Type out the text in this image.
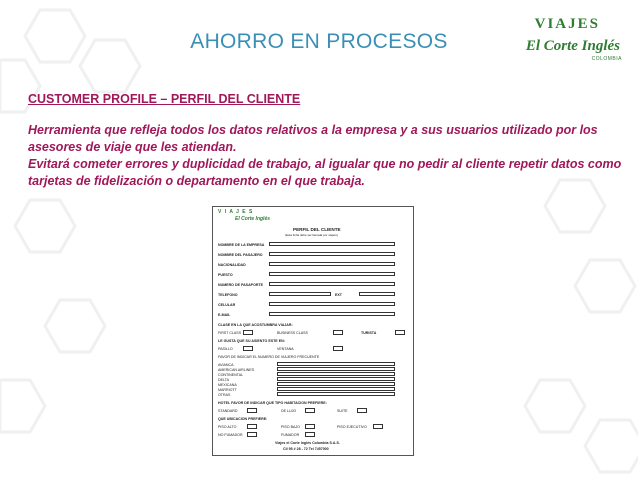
AHORRO EN PROCESOS
VIAJES
El Corte Inglés
COLOMBIA
CUSTOMER PROFILE – PERFIL DEL CLIENTE
Herramienta que refleja todos los datos relativos a la empresa y a sus usuarios utilizado por los asesores de viaje que les atiendan.
Evitará cometer errores y duplicidad de trabajo, al igualar que no pedir al cliente repetir datos como tarjetas de fidelización o departamento en el que trabaja.
V I A J E S
El Corte Inglés
PERFIL DEL CLIENTE
(Esta ficha debe ser llenada por viajero)
NOMBRE DE LA EMPRESA
NOMBRE DEL PASAJERO
NACIONALIDAD
PUESTO
NUMERO DE PASAPORTE
TELEFONO	EXT
CELULAR
E-MAIL
CLASE EN LA QUE ACOSTUMBRA VIAJAR:
FIRST CLASS	BUSINESS CLASS	TURISTA
LE GUSTA QUE SU ASIENTO ESTE EN:
PASILLO	VENTANA
FAVOR DE INDICAR EL NUMERO DE VIAJERO FRECUENTE
AVIANCA
AMERICAN AIRLINES
CONTINENTAL
DELTA
MEXICANA
MARRIOTT
OTRAS
HOTEL FAVOR DE INDICAR QUE TIPO HABITACION PREFIERE:
STANDARD	DE LUJO	SUITE
QUE UBICACION PREFIERE:
PISO ALTO	PISO BAJO	PISO EJECUTIVO
NO FUMADOR	FUMADOR
Viajes el Corte Inglés Colombia S.A.S.
Cll 95 # 28 - 72 Tel 7457000
